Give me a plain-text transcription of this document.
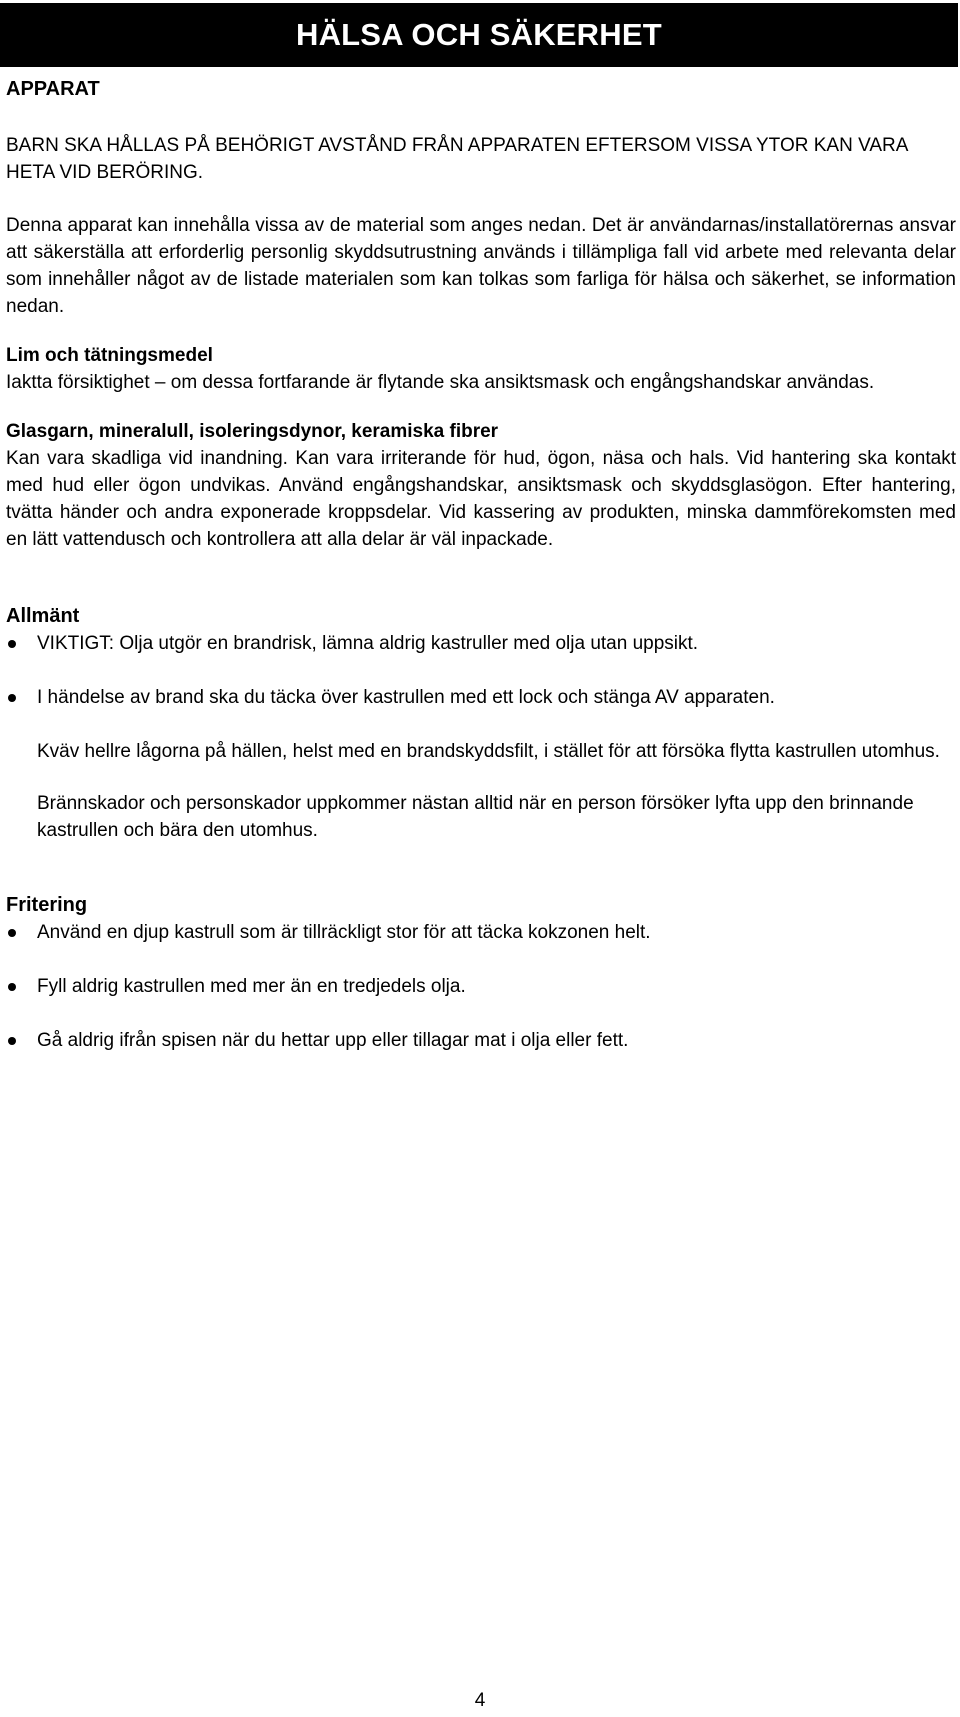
HÄLSA OCH SÄKERHET
APPARAT

BARN SKA HÅLLAS PÅ BEHÖRIGT AVSTÅND FRÅN APPARATEN EFTERSOM VISSA YTOR KAN VARA HETA VID BERÖRING.

Denna apparat kan innehålla vissa av de material som anges nedan. Det är användarnas/installatörernas ansvar att säkerställa att erforderlig personlig skyddsutrustning används i tillämpliga fall vid arbete med relevanta delar som innehåller något av de listade materialen som kan tolkas som farliga för hälsa och säkerhet, se information nedan.

Lim och tätningsmedel

Iaktta försiktighet – om dessa fortfarande är flytande ska ansiktsmask och engångshandskar användas.

Glasgarn, mineralull, isoleringsdynor, keramiska fibrer

Kan vara skadliga vid inandning. Kan vara irriterande för hud, ögon, näsa och hals. Vid hantering ska kontakt med hud eller ögon undvikas. Använd engångshandskar, ansiktsmask och skyddsglasögon. Efter hantering, tvätta händer och andra exponerade kroppsdelar. Vid kassering av produkten, minska dammförekomsten med en lätt vattendusch och kontrollera att alla delar är väl inpackade.

Allmänt

VIKTIGT: Olja utgör en brandrisk, lämna aldrig kastruller med olja utan uppsikt.
I händelse av brand ska du täcka över kastrullen med ett lock och stänga AV apparaten.

Kväv hellre lågorna på hällen, helst med en brandskyddsfilt, i stället för att försöka flytta kastrullen utomhus.

Brännskador och personskador uppkommer nästan alltid när en person försöker lyfta upp den brinnande kastrullen och bära den utomhus.

Fritering

Använd en djup kastrull som är tillräckligt stor för att täcka kokzonen helt.
Fyll aldrig kastrullen med mer än en tredjedels olja.
Gå aldrig ifrån spisen när du hettar upp eller tillagar mat i olja eller fett.
4
